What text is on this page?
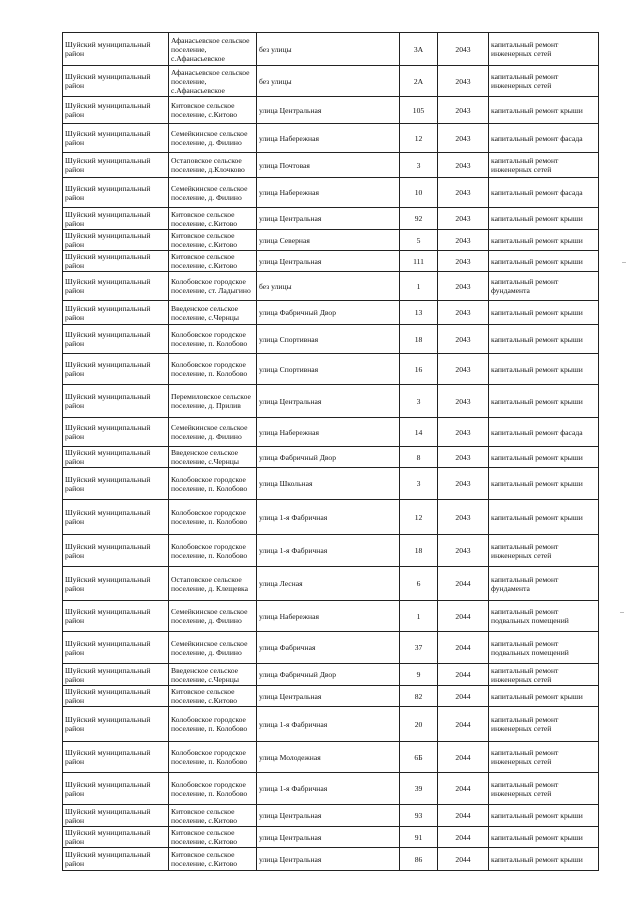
Шуйский муниципальный район	Афанасьевское сельское поселение, с.Афанасьевское	без улицы	3А	2043	капитальный ремонт инженерных сетей
Шуйский муниципальный район	Афанасьевское сельское поселение, с.Афанасьевское	без улицы	2А	2043	капитальный ремонт инженерных сетей
Шуйский муниципальный район	Китовское сельское поселение, с.Китово	улица Центральная	105	2043	капитальный ремонт крыши
Шуйский муниципальный район	Семейкинское сельское поселение, д. Филино	улица Набережная	12	2043	капитальный ремонт фасада
Шуйский муниципальный район	Остаповское сельское поселение, д.Клочково	улица Почтовая	3	2043	капитальный ремонт инженерных сетей
Шуйский муниципальный район	Семейкинское сельское поселение, д. Филино	улица Набережная	10	2043	капитальный ремонт фасада
Шуйский муниципальный район	Китовское сельское поселение, с.Китово	улица Центральная	92	2043	капитальный ремонт крыши
Шуйский муниципальный район	Китовское сельское поселение, с.Китово	улица Северная	5	2043	капитальный ремонт крыши
Шуйский муниципальный район	Китовское сельское поселение, с.Китово	улица Центральная	111	2043	капитальный ремонт крыши
Шуйский муниципальный район	Колобовское городское поселение, ст. Ладыгино	без улицы	1	2043	капитальный ремонт фундамента
Шуйский муниципальный район	Введенское сельское поселение, с.Чернцы	улица Фабричный Двор	13	2043	капитальный ремонт крыши
Шуйский муниципальный район	Колобовское городское поселение, п. Колобово	улица Спортивная	18	2043	капитальный ремонт крыши
Шуйский муниципальный район	Колобовское городское поселение, п. Колобово	улица Спортивная	16	2043	капитальный ремонт крыши
Шуйский муниципальный район	Перемиловское сельское поселение, д. Прилив	улица Центральная	3	2043	капитальный ремонт крыши
Шуйский муниципальный район	Семейкинское сельское поселение, д. Филино	улица Набережная	14	2043	капитальный ремонт фасада
Шуйский муниципальный район	Введенское сельское поселение, с.Чернцы	улица Фабричный Двор	8	2043	капитальный ремонт крыши
Шуйский муниципальный район	Колобовское городское поселение, п. Колобово	улица Школьная	3	2043	капитальный ремонт крыши
Шуйский муниципальный район	Колобовское городское поселение, п. Колобово	улица 1-я Фабричная	12	2043	капитальный ремонт крыши
Шуйский муниципальный район	Колобовское городское поселение, п. Колобово	улица 1-я Фабричная	18	2043	капитальный ремонт инженерных сетей
Шуйский муниципальный район	Остаповское сельское поселение, д. Клещевка	улица Лесная	6	2044	капитальный ремонт фундамента
Шуйский муниципальный район	Семейкинское сельское поселение, д. Филино	улица Набережная	1	2044	капитальный ремонт подвальных помещений
Шуйский муниципальный район	Семейкинское сельское поселение, д. Филино	улица Фабричная	37	2044	капитальный ремонт подвальных помещений
Шуйский муниципальный район	Введенское сельское поселение, с.Чернцы	улица Фабричный Двор	9	2044	капитальный ремонт инженерных сетей
Шуйский муниципальный район	Китовское сельское поселение, с.Китово	улица Центральная	82	2044	капитальный ремонт крыши
Шуйский муниципальный район	Колобовское городское поселение, п. Колобово	улица 1-я Фабричная	20	2044	капитальный ремонт инженерных сетей
Шуйский муниципальный район	Колобовское городское поселение, п. Колобово	улица Молодежная	6Б	2044	капитальный ремонт инженерных сетей
Шуйский муниципальный район	Колобовское городское поселение, п. Колобово	улица 1-я Фабричная	39	2044	капитальный ремонт инженерных сетей
Шуйский муниципальный район	Китовское сельское поселение, с.Китово	улица Центральная	93	2044	капитальный ремонт крыши
Шуйский муниципальный район	Китовское сельское поселение, с.Китово	улица Центральная	91	2044	капитальный ремонт крыши
Шуйский муниципальный район	Китовское сельское поселение, с.Китово	улица Центральная	86	2044	капитальный ремонт крыши
